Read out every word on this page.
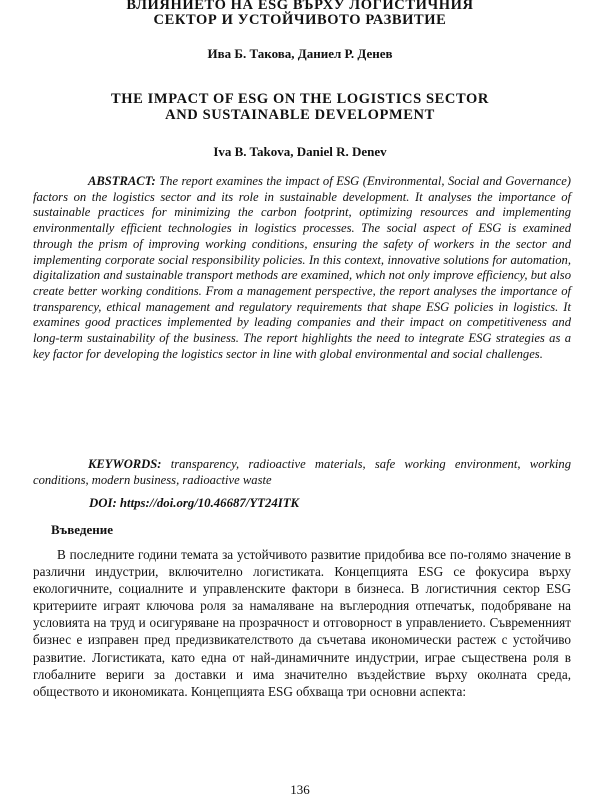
ВЛИЯНИЕТО НА ESG ВЪРХУ ЛОГИСТИЧНИЯ
СЕКТОР И УСТОЙЧИВОТО РАЗВИТИЕ
Ива Б. Такова, Даниел Р. Денев
THE IMPACT OF ESG ON THE LOGISTICS SECTOR
AND SUSTAINABLE DEVELOPMENT
Iva B. Takova, Daniel R. Denev
ABSTRACT: The report examines the impact of ESG (Environmental, Social and Governance) factors on the logistics sector and its role in sustainable development. It analyses the importance of sustainable practices for minimizing the carbon footprint, optimizing resources and implementing environmentally efficient technologies in logistics processes. The social aspect of ESG is examined through the prism of improving working conditions, ensuring the safety of workers in the sector and implementing corporate social responsibility policies. In this context, innovative solutions for automation, digitalization and sustainable transport methods are examined, which not only improve efficiency, but also create better working conditions. From a management perspective, the report analyses the importance of transparency, ethical management and regulatory requirements that shape ESG policies in logistics. It examines good practices implemented by leading companies and their impact on competitiveness and long-term sustainability of the business. The report highlights the need to integrate ESG strategies as a key factor for developing the logistics sector in line with global environmental and social challenges.
KEYWORDS: transparency, radioactive materials, safe working environment, working conditions, modern business, radioactive waste
DOI: https://doi.org/10.46687/YT24ITK
Въведение
В последните години темата за устойчивото развитие придобива все по-голямо значение в различни индустрии, включително логистиката. Концепцията ESG се фокусира върху екологичните, социалните и управленските фактори в бизнеса. В логистичния сектор ESG критериите играят ключова роля за намаляване на въглеродния отпечатък, подобряване на условията на труд и осигуряване на прозрачност и отговорност в управлението. Съвременният бизнес е изправен пред предизвикателството да съчетава икономически растеж с устойчиво развитие. Логистиката, като една от най-динамичните индустрии, играе съществена роля в глобалните вериги за доставки и има значително въздействие върху околната среда, обществото и икономиката. Концепцията ESG обхваща три основни аспекта:
136
